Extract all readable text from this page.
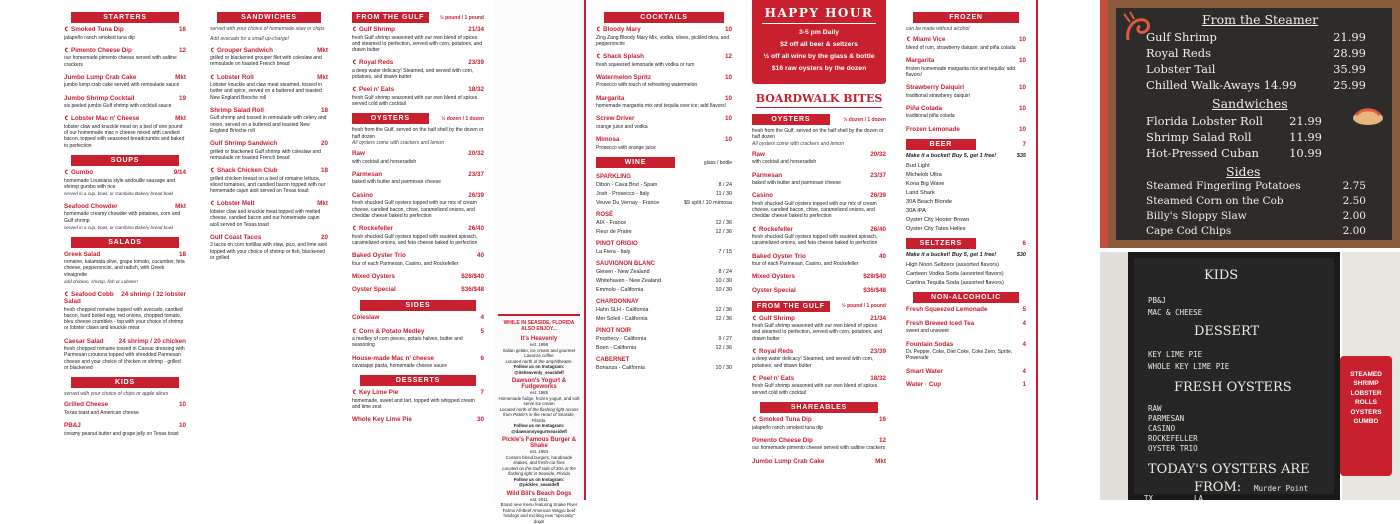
STARTERS
Smoked Tuna Dip	16
jalapeño ranch smoked tuna dip
Pimento Cheese Dip	12
our homemade pimento cheese served with saltine crackers
Jumbo Lump Crab Cake	Mkt
jumbo lump crab cake served with remoulade sauce
Jumbo Shrimp Cocktail	19
six peeled jumbo Gulf shrimp with cocktail sauce
Lobster Mac n' Cheese	Mkt
lobster claw and knuckle meat on a bed of one pound of our homemade mac n cheese mixed with candied bacon, topped with seasoned breadcrumbs and baked to perfection
SOUPS
Gumbo	9/14
homemade Louisiana style andouille sausage and shrimp gumbo with rice
served in a cup, bowl, or Gambino Bakery bread bowl
Seafood Chowder	Mkt
homemade creamy chowder with potatoes, corn and Gulf shrimp
served in a cup, bowl, or Gambino Bakery bread bowl
SALADS
Greek Salad	18
romaine, kalamata olive, grape tomato, cucumber, feta cheese, pepperoncini, and radish, with Greek vinaigrette
add chicken, shrimp, fish or Lobster!
Seafood Cobb Salad
24 shrimp / 32 lobster
fresh chopped romaine topped with avocado, candied bacon, hard boiled egg, red onions, chopped tomato, bleu cheese crumbles - top with your choice of shrimp or lobster claws and knuckle meat
Caesar Salad 24 shrimp / 20 chicken
fresh chopped romaine tossed in Caesar dressing with Parmesan croutons topped with shredded Parmesan cheese and your choice of chicken or shrimp - grilled or blackened
KIDS
served with your choice of chips or apple slices
Grilled Cheese	10
Texas toast and American cheese
PB&J	10
creamy peanut butter and grape jelly on Texas toast
SANDWICHES
served with your choice of homemade slaw or chips
Add avocado for a small up-charge!
Grouper Sandwich	Mkt
grilled or blackened grouper filet with coleslaw and remoulade on toasted French bread
Lobster Roll	Mkt
Lobster knuckle and claw meat steamed, tossed in butter and spice, served on a buttered and toasted New England Brioche roll
Shrimp Salad Roll	18
Gulf shrimp and tossed in remoulade with celery and onion, served on a buttered and toasted New England Brioche roll
Gulf Shrimp Sandwich	20
grilled or blackened Gulf shrimp with coleslaw and remoulade on toasted French bread
Shack Chicken Club	18
grilled chicken breast on a bed of romaine lettuce, sliced tomatoes, and candied bacon topped with our homemade cajun aioli served on Texas toast
Lobster Melt	Mkt
lobster claw and knuckle meat topped with melted cheese, candied bacon and our homemade cajun aioli served on Texas toast
Gulf Coast Tacos	20
3 tacos on corn tortillas with slaw, pico, and lime aioli topped with your choice of shrimp or fish, blackened or grilled
FROM THE GULF	½ pound / 1 pound
Gulf Shrimp	21/34
fresh Gulf shrimp seasoned with our own blend of spices and steamed to perfection, served with corn, potatoes, and drawn butter
Royal Reds	23/39
a deep water delicacy! Steamed, and served with corn, potatoes, and drawn butter
Peel n' Eats	18/32
fresh Gulf shrimp seasoned with our own blend of spices served cold with cocktail
OYSTERS	½ dozen / 1 dozen
fresh from the Gulf, served on the half shell by the dozen or half dozen
All oysters come with crackers and lemon
Raw	20/32
with cocktail and horseradish
Parmesan	23/37
baked with butter and parmesan cheese
Casino	26/39
fresh shucked Gulf oysters topped with our mix of cream cheese, candied bacon, chive, caramelized onions, and cheddar cheese baked to perfection
Rockefeller	26/40
fresh shucked Gulf oysters topped with sautéed spinach, caramelized onions, and feta cheese baked to perfection
Baked Oyster Trio	40
four of each Parmesan, Casino, and Rockefeller
Mixed Oysters	$28/$40
Oyster Special	$36/$48
SIDES
Coleslaw	4
Corn & Potato Medley	5
a medley of corn pieces, potato halves, butter and seasoning
House-made Mac n' cheese	6
cavatappi pasta, homemade cheese sauce
DESSERTS
Key Lime Pie	7
homemade, sweet and tart, topped with whipped cream and lime zest
Whole Key Lime Pie	30
WHILE IN SEASIDE, FLORIDA ALSO ENJOY...
It's Heavenly
est. 1998
Italian gelato, ice cream and gourmet Lavazza coffee
Located north of the amphitheater.
Follow us on Instagram: @itsheavenly_seasidefl
Dawson's Yogurt & Fudgeworks
est. 1985
Homemade fudge, frozen yogurt, and soft serve ice cream
Located north of the flashing light across from Pickle's in the Heart of Seaside, Florida.
Follow us on Instagram: @dawsonsyogurtseasidefl
Pickle's Famous Burger & Shake
est. 1993
Custom blend burgers, handmade shakes, and fresh-cut fries
Located on the Gulf side of 30A at the flashing light in Seaside, Florida
Follow us on Instagram: @pickles_seasidefl
Wild Bill's Beach Dogs
est. 2011
Brand new menu featuring Snake River Farms All-Beef American Wagyu beef hotdogs and exciting new "specialty" dogs!
COCKTAILS
Bloody Mary	10
Zing Zang Bloody Mary Mix, vodka, olives, pickled okra, and pepperoncini
Shack Splash	12
fresh squeezed lemonade with vodka or rum
Watermelon Spritz	10
Prosecco with touch of refreshing watermelon
Margarita	10
homemade margarita mix and tequila over ice; add flavors!
Screw Driver	10
orange juice and vodka
Mimosa	10
Prosecco with orange juice
WINE	glass / bottle
SPARKLING
Dibon - Cava Brut - Spain	8 / 24
Josh - Prosecco - Italy	11 / 30
Veuve Du Vernay - France	$9 split / 10 mimosa
ROSÉ
AIX - France	12 / 36
Fleur de Praire	12 / 36
PINOT GRIGIO
La Fiera - Italy	7 / 15
SAUVIGNON BLANC
Giesen - New Zealand	8 / 24
Whitehaven - New Zealand	10 / 30
Emmolo - California	10 / 30
CHARDONNAY
Hahn SLH - California	12 / 36
Mer Soleil - California	12 / 36
PINOT NOIR
Prophecy - California	9 / 27
Boen - California	12 / 36
CABERNET
Bonanza - California	10 / 30
HAPPY HOUR
3-5 pm Daily
$2 off all beer & seltzers
½ off all wine by the glass & bottle
$16 raw oysters by the dozen
BOARDWALK BITES
OYSTERS	½ dozen / 1 dozen
fresh from the Gulf, served on the half shell by the dozen or half dozen
All oysters come with crackers and lemon
Raw	20/32
with cocktail and horseradish
Parmesan	23/37
baked with butter and parmesan cheese
Casino	26/39
fresh shucked Gulf oysters topped with our mix of cream cheese, candied bacon, chive, caramelized onions, and cheddar cheese baked to perfection
Rockefeller	26/40
fresh shucked Gulf oysters topped with sautéed spinach, caramelized onions, and feta cheese baked to perfection
Baked Oyster Trio	40
four of each Parmesan, Casino, and Rockefeller
Mixed Oysters	$28/$40
Oyster Special	$36/$48
FROM THE GULF	½ pound / 1 pound
Gulf Shrimp	21/34
fresh Gulf shrimp seasoned with our own blend of spices and steamed to perfection, served with corn, potatoes, and drawn butter
Royal Reds	23/39
a deep water delicacy! Steamed, and served with corn, potatoes, and drawn butter
Peel n' Eats	18/32
fresh Gulf shrimp seasoned with our own blend of spices served cold with cocktail
SHAREABLES
Smoked Tuna Dip	16
jalapeño ranch smoked tuna dip
Pimento Cheese Dip	12
our homemade pimento cheese served with saltine crackers
Jumbo Lump Crab Cake	Mkt
FROZEN
can be made without alcohol
Miami Vice	10
blend of rum, strawberry daiquiri, and piña colada
Margarita	10
frozen homemade margarita mix and tequila; add flavors!
Strawberry Daiquiri	10
traditional strawberry daiquiri
Piña Colada	10
traditional piña colada
Frozen Lemonade	10
BEER	7
Make it a bucket! Buy 5, get 1 free!	$35
Bud Light
Michelob Ultra
Kona Big Wave
Land Shark
30A Beach Blonde
30A IPA
Oyster City Hooter Brown
Oyster City Tates Helles
SELTZERS	6
Make it a bucket! Buy 5, get 1 free!	$30
High Noon Seltzers (assorted flavors)
Canteen Vodka Soda (assorted flavors)
Cantina Tequila Soda (assorted flavors)
NON-ALCOHOLIC
Fresh Squeezed Lemonade	5
Fresh Brewed Iced Tea	4
sweet and unsweet
Fountain Sodas	4
Dr. Pepper, Coke, Diet Coke, Coke Zero, Sprite, Powerade
Smart Water	4
Water · Cup	1
From the Steamer
Gulf Shrimp	21.99
Royal Reds	28.99
Lobster Tail	35.99
Chilled Walk-Aways 14.99	25.99
Sandwiches
Florida Lobster Roll 21.99
Shrimp Salad Roll	11.99
Hot-Pressed Cuban	10.99
Sides
Steamed Fingerling Potatoes	2.75
Steamed Corn on the Cob	2.50
Billy's Sloppy Slaw	2.00
Cape Cod Chips	2.00
KIDS
PB&J
MAC & CHEESE
DESSERT
KEY LIME PIE
WHOLE KEY LIME PIE
FRESH OYSTERS
RAW
PARMESAN
CASINO
ROCKEFELLER
OYSTER TRIO
TODAY'S OYSTERS ARE
FROM:
TX	LA
Murder Point
STEAMED
SHRIMP
LOBSTER
ROLLS
OYSTERS
GUMBO
